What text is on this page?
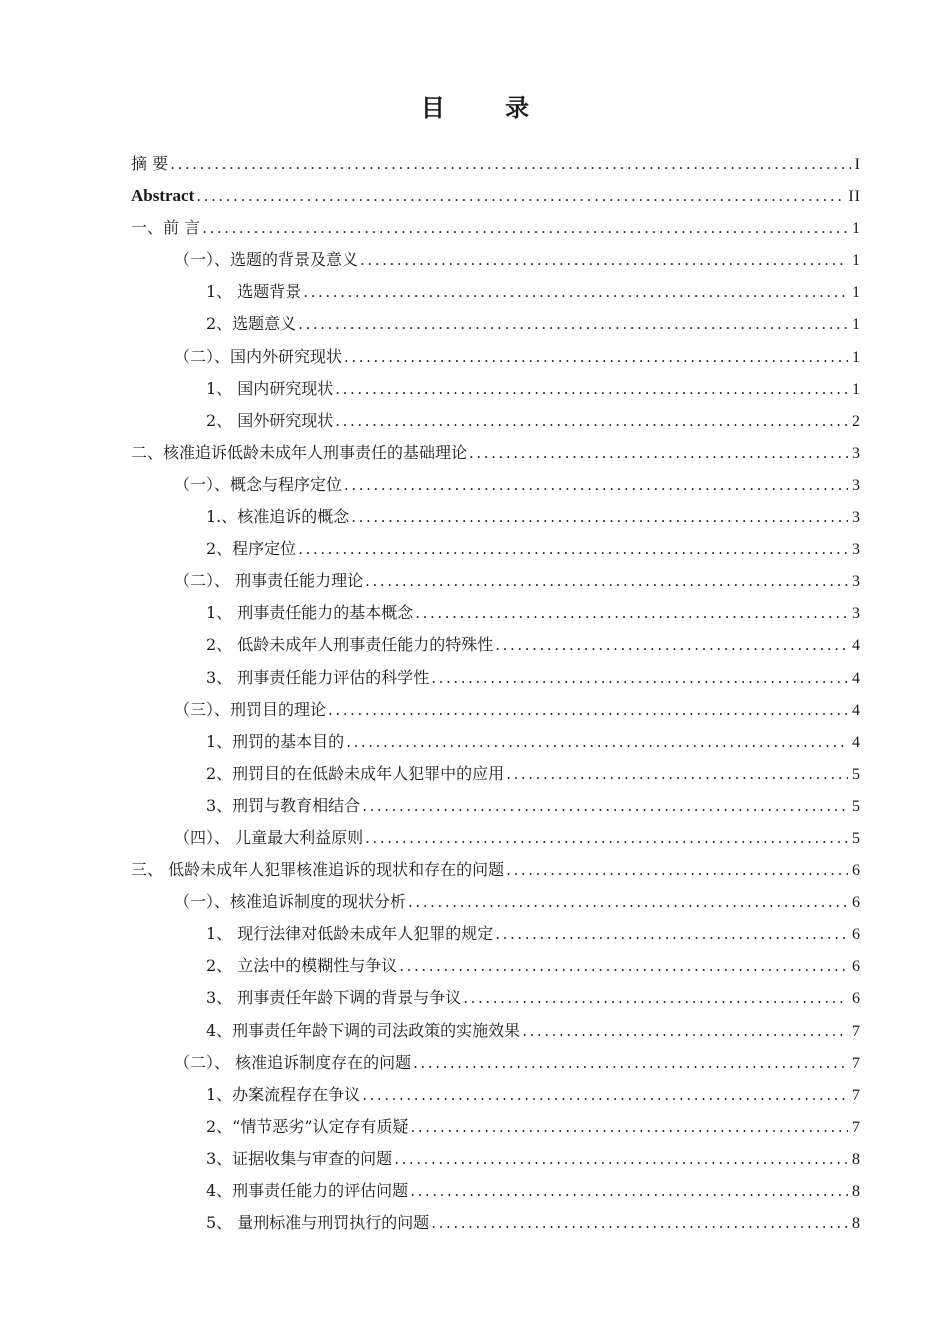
目 录
摘 要 .....	I
Abstract .....	II
一、前 言 .....	1
（一）、选题的背景及意义 .....	1
1、 选题背景 .....	1
2、选题意义 .....	1
（二）、国内外研究现状 .....	1
1、 国内研究现状 .....	1
2、 国外研究现状 .....	2
二、核准追诉低龄未成年人刑事责任的基础理论 .....	3
（一）、概念与程序定位 .....	3
1.、核准追诉的概念 .....	3
2、程序定位 .....	3
（二）、 刑事责任能力理论 .....	3
1、 刑事责任能力的基本概念 .....	3
2、 低龄未成年人刑事责任能力的特殊性 .....	4
3、 刑事责任能力评估的科学性 .....	4
（三）、刑罚目的理论 .....	4
1、刑罚的基本目的 .....	4
2、刑罚目的在低龄未成年人犯罪中的应用 .....	5
3、刑罚与教育相结合 .....	5
（四）、 儿童最大利益原则 .....	5
三、 低龄未成年人犯罪核准追诉的现状和存在的问题 .....	6
（一）、核准追诉制度的现状分析 .....	6
1、 现行法律对低龄未成年人犯罪的规定 .....	6
2、 立法中的模糊性与争议 .....	6
3、 刑事责任年龄下调的背景与争议 .....	6
4、刑事责任年龄下调的司法政策的实施效果 .....	7
（二）、 核准追诉制度存在的问题 .....	7
1、办案流程存在争议 .....	7
2、“情节恶劣”认定存有质疑 .....	7
3、证据收集与审查的问题 .....	8
4、刑事责任能力的评估问题 .....	8
5、 量刑标准与刑罚执行的问题 .....	8
